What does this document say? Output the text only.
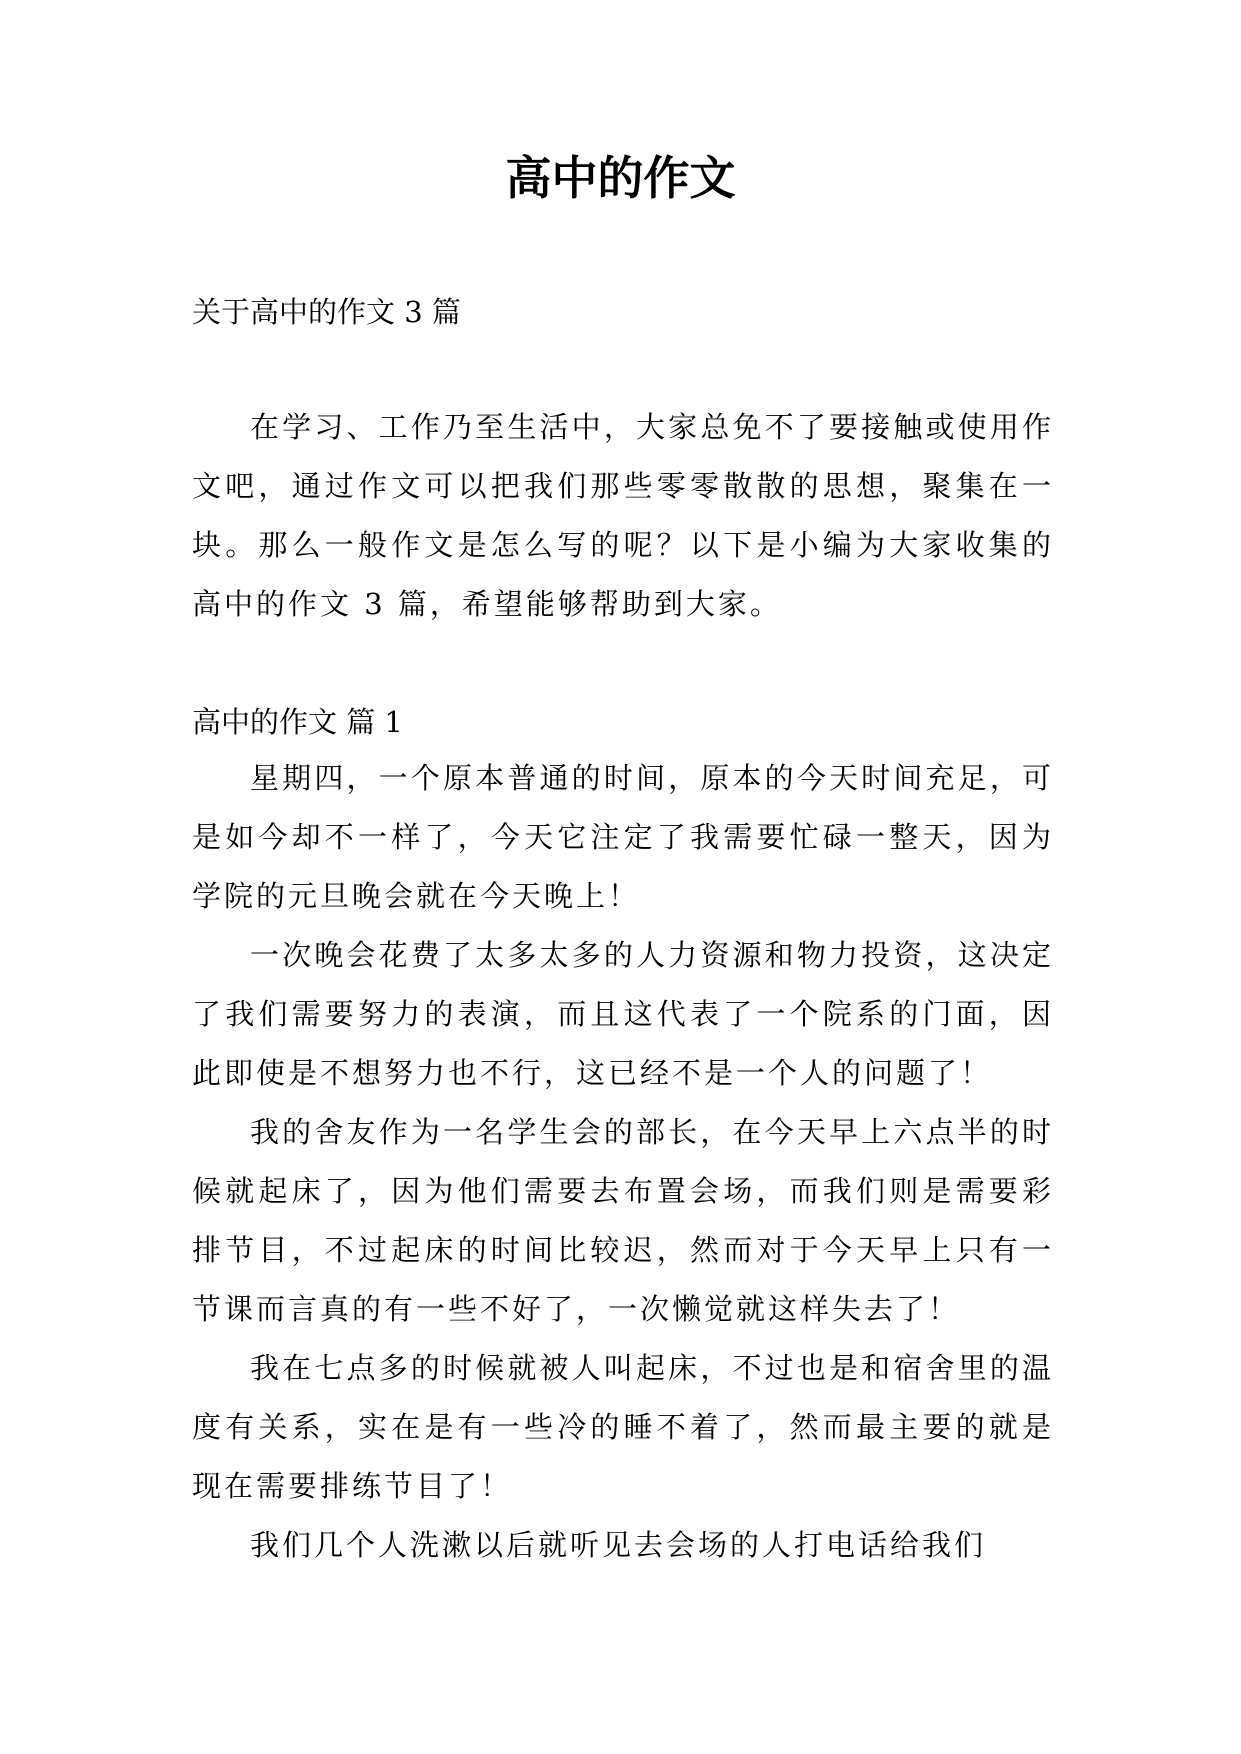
高中的作文
关于高中的作文 3 篇

在学习、工作乃至生活中，大家总免不了要接触或使用作文吧，通过作文可以把我们那些零零散散的思想，聚集在一块。那么一般作文是怎么写的呢？以下是小编为大家收集的高中的作文 3 篇，希望能够帮助到大家。

高中的作文 篇 1

星期四，一个原本普通的时间，原本的今天时间充足，可是如今却不一样了，今天它注定了我需要忙碌一整天，因为学院的元旦晚会就在今天晚上！

一次晚会花费了太多太多的人力资源和物力投资，这决定了我们需要努力的表演，而且这代表了一个院系的门面，因此即使是不想努力也不行，这已经不是一个人的问题了！

我的舍友作为一名学生会的部长，在今天早上六点半的时候就起床了，因为他们需要去布置会场，而我们则是需要彩排节目，不过起床的时间比较迟，然而对于今天早上只有一节课而言真的有一些不好了，一次懒觉就这样失去了！

我在七点多的时候就被人叫起床，不过也是和宿舍里的温度有关系，实在是有一些冷的睡不着了，然而最主要的就是现在需要排练节目了！

我们几个人洗漱以后就听见去会场的人打电话给我们
